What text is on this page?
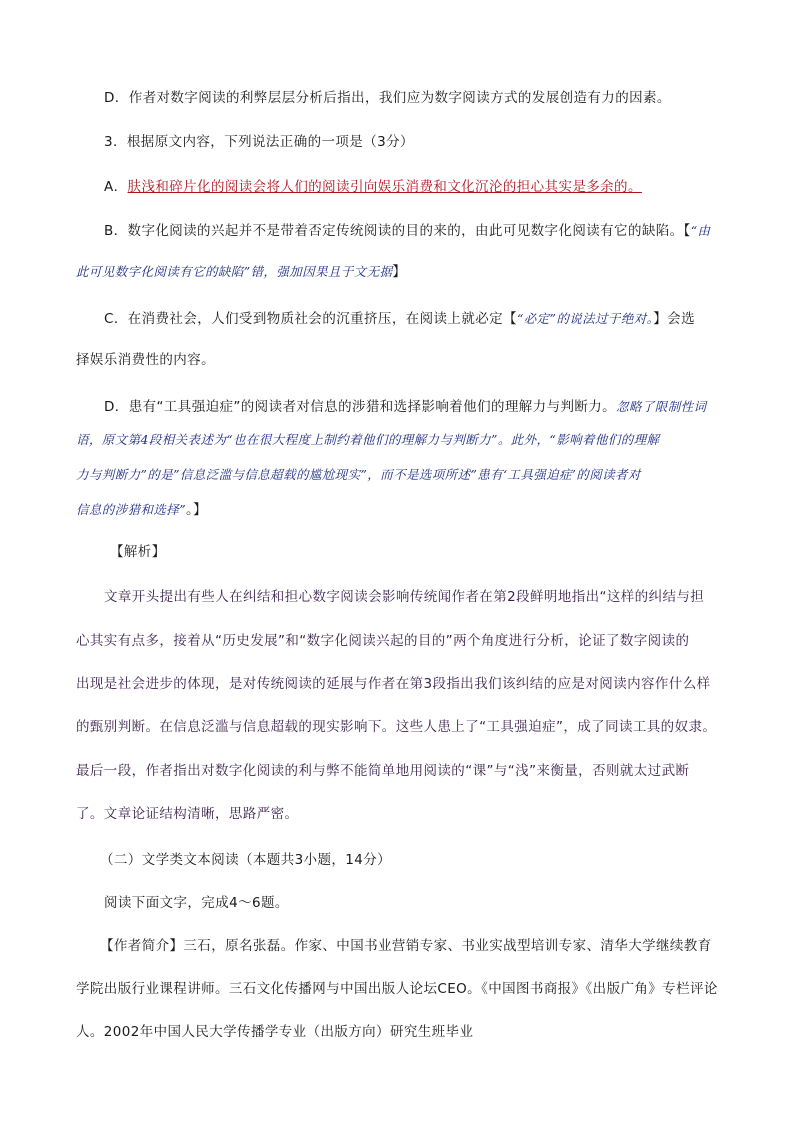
D．作者对数字阅读的利弊层层分析后指出，我们应为数字阅读方式的发展创造有力的因素。
3．根据原文内容，下列说法正确的一项是（3分）
A．肤浅和碎片化的阅读会将人们的阅读引向娱乐消费和文化沉沦的担心其实是多余的。
B．数字化阅读的兴起并不是带着否定传统阅读的目的来的，由此可见数字化阅读有它的缺陷。【“由
此可见数字化阅读有它的缺陷”错，强加因果且于文无据】
C．在消费社会，人们受到物质社会的沉重挤压，在阅读上就必定【“必定”的说法过于绝对。】会选
择娱乐消费性的内容。
D．患有“工具强迫症”的阅读者对信息的涉猎和选择影响着他们的理解力与判断力。忽略了限制性词
语，原文第4段相关表述为“也在很大程度上制约着他们的理解力与判断力”。此外，“影响着他们的理解
力与判断力”的是”信息泛滥与信息超载的尴尬现实”，而不是选项所述”患有‘工具强迫症’的阅读者对
信息的涉猎和选择”。】
【解析】
文章开头提出有些人在纠结和担心数字阅读会影响传统闻作者在第2段鲜明地指出“这样的纠结与担
心其实有点多，接着从“历史发展”和“数字化阅读兴起的目的”两个角度进行分析，论证了数字阅读的
出现是社会进步的体现，是对传统阅读的延展与作者在第3段指出我们该纠结的应是对阅读内容作什么样
的甄别判断。在信息泛滥与信息超载的现实影响下。这些人患上了“工具强迫症”，成了同读工具的奴隶。
最后一段，作者指出对数字化阅读的利与弊不能简单地用阅读的“课”与“浅”来衡量，否则就太过武断
了。文章论证结构清晰，思路严密。
（二）文学类文本阅读（本题共3小题，14分）
阅读下面文字，完成4～6题。
【作者简介】三石，原名张磊。作家、中国书业营销专家、书业实战型培训专家、清华大学继续教育
学院出版行业课程讲师。三石文化传播网与中国出版人论坛CEO。《中国图书商报》《出版广角》专栏评论
人。2002年中国人民大学传播学专业（出版方向）研究生班毕业
